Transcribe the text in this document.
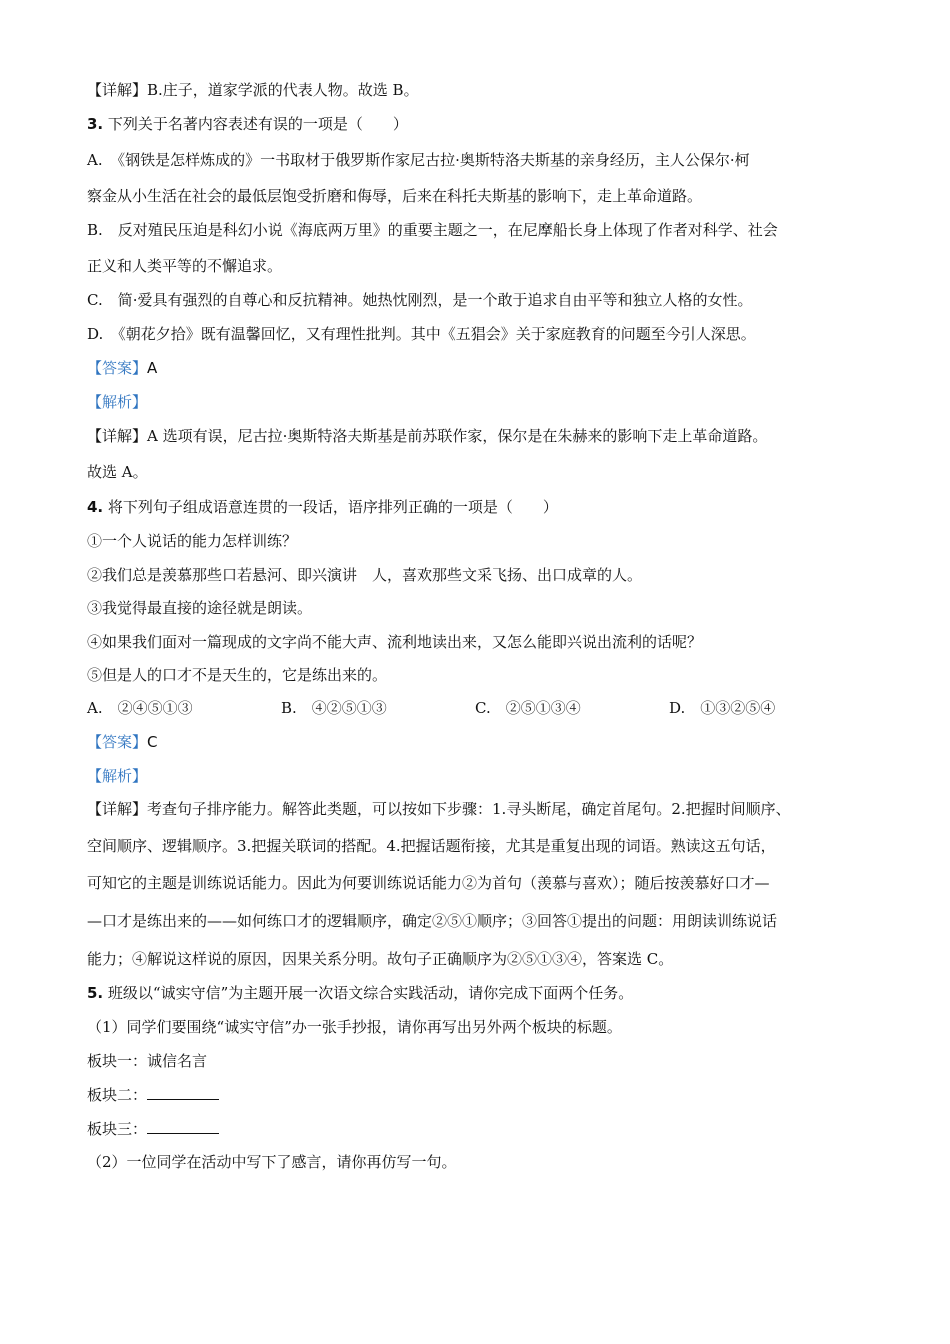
【详解】B.庄子，道家学派的代表人物。故选 B。
3. 下列关于名著内容表述有误的一项是（　　）
A.　《钢铁是怎样炼成的》一书取材于俄罗斯作家尼古拉·奥斯特洛夫斯基的亲身经历，主人公保尔·柯
察金从小生活在社会的最低层饱受折磨和侮辱，后来在科托夫斯基的影响下，走上革命道路。
B.　反对殖民压迫是科幻小说《海底两万里》的重要主题之一，在尼摩船长身上体现了作者对科学、社会
正义和人类平等的不懈追求。
C.　简·爱具有强烈的自尊心和反抗精神。她热忱刚烈，是一个敢于追求自由平等和独立人格的女性。
D.　《朝花夕拾》既有温馨回忆，又有理性批判。其中《五猖会》关于家庭教育的问题至今引人深思。
【答案】A
【解析】
【详解】A 选项有误，尼古拉·奥斯特洛夫斯基是前苏联作家，保尔是在朱赫来的影响下走上革命道路。
故选 A。
4. 将下列句子组成语意连贯的一段话，语序排列正确的一项是（　　）
①一个人说话的能力怎样训练？
②我们总是羡慕那些口若悬河、即兴演讲　人，喜欢那些文采飞扬、出口成章的人。
③我觉得最直接的途径就是朗读。
④如果我们面对一篇现成的文字尚不能大声、流利地读出来，又怎么能即兴说出流利的话呢？
⑤但是人的口才不是天生的，它是练出来的。
A.　②④⑤①③	B.　④②⑤①③	C.　②⑤①③④	D.　①③②⑤④
【答案】C
【解析】
【详解】考查句子排序能力。解答此类题，可以按如下步骤：1.寻头断尾，确定首尾句。2.把握时间顺序、
空间顺序、逻辑顺序。3.把握关联词的搭配。4.把握话题衔接，尤其是重复出现的词语。熟读这五句话，
可知它的主题是训练说话能力。因此为何要训练说话能力②为首句（羡慕与喜欢）；随后按羡慕好口才—
—口才是练出来的——如何练口才的逻辑顺序，确定②⑤①顺序；③回答①提出的问题：用朗读训练说话
能力；④解说这样说的原因，因果关系分明。故句子正确顺序为②⑤①③④，答案选 C。
5. 班级以“诚实守信”为主题开展一次语文综合实践活动，请你完成下面两个任务。
（1）同学们要围绕“诚实守信”办一张手抄报，请你再写出另外两个板块的标题。
板块一：诚信名言
板块二：
板块三：
（2）一位同学在活动中写下了感言，请你再仿写一句。
